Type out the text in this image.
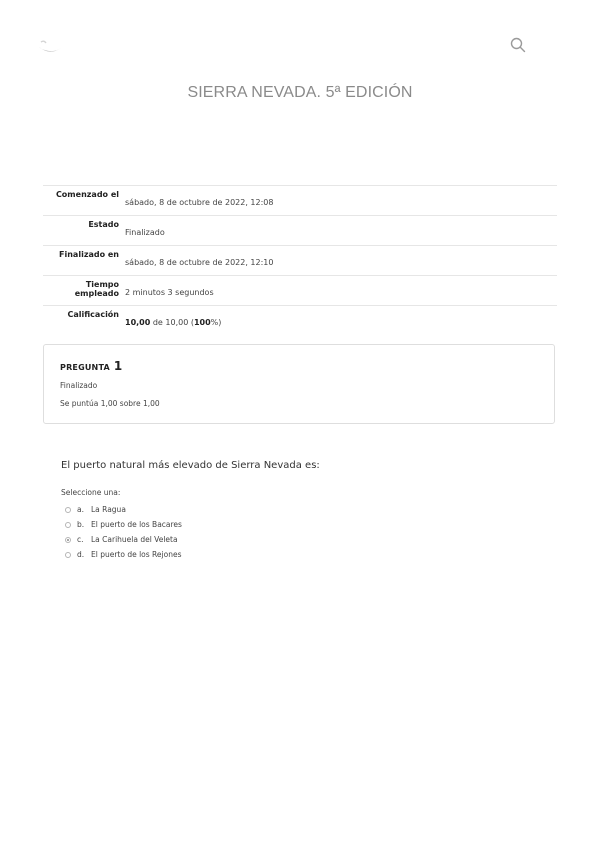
SIERRA NEVADA. 5ª EDICIÓN
Comenzado el
sábado, 8 de octubre de 2022, 12:08
Estado
Finalizado
Finalizado en
sábado, 8 de octubre de 2022, 12:10
Tiempo empleado 2 minutos 3 segundos
Calificación
10,00 de 10,00 (100%)
PREGUNTA 1
Finalizado
Se puntúa 1,00 sobre 1,00
El puerto natural más elevado de Sierra Nevada es:
Seleccione una:
a. La Ragua
b. El puerto de los Bacares
c. La Carihuela del Veleta
d. El puerto de los Rejones
